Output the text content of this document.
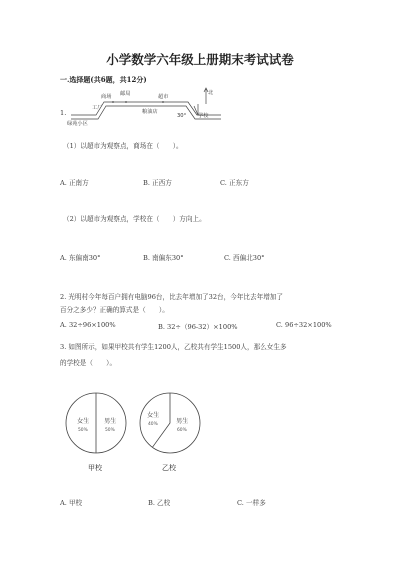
小学数学六年级上册期末考试试卷
一.选择题(共6题，共12分)
1.
商场 邮局	超市
北
工厂
粮油店
30° 学校
绿苑小区
（1）以超市为观察点，商场在（　　）。
A. 正南方	B. 正西方	C. 正东方
（2）以超市为观察点，学校在（　　）方向上。
A. 东偏南30°	B. 南偏东30°	C. 西偏北30°
2. 光明村今年每百户拥有电脑96台，比去年增加了32台，今年比去年增加了
百分之多少？正确的算式是（　　）。
A. 32÷96×100%	B. 32÷（96-32）×100%	C. 96÷32×100%
3. 如图所示，如果甲校共有学生1200人，乙校共有学生1500人，那么女生多
的学校是（　　）。
女生
50%
男生
50%
甲校
女生
40%	男生
60%
乙校
A. 甲校	B. 乙校	C. 一样多
